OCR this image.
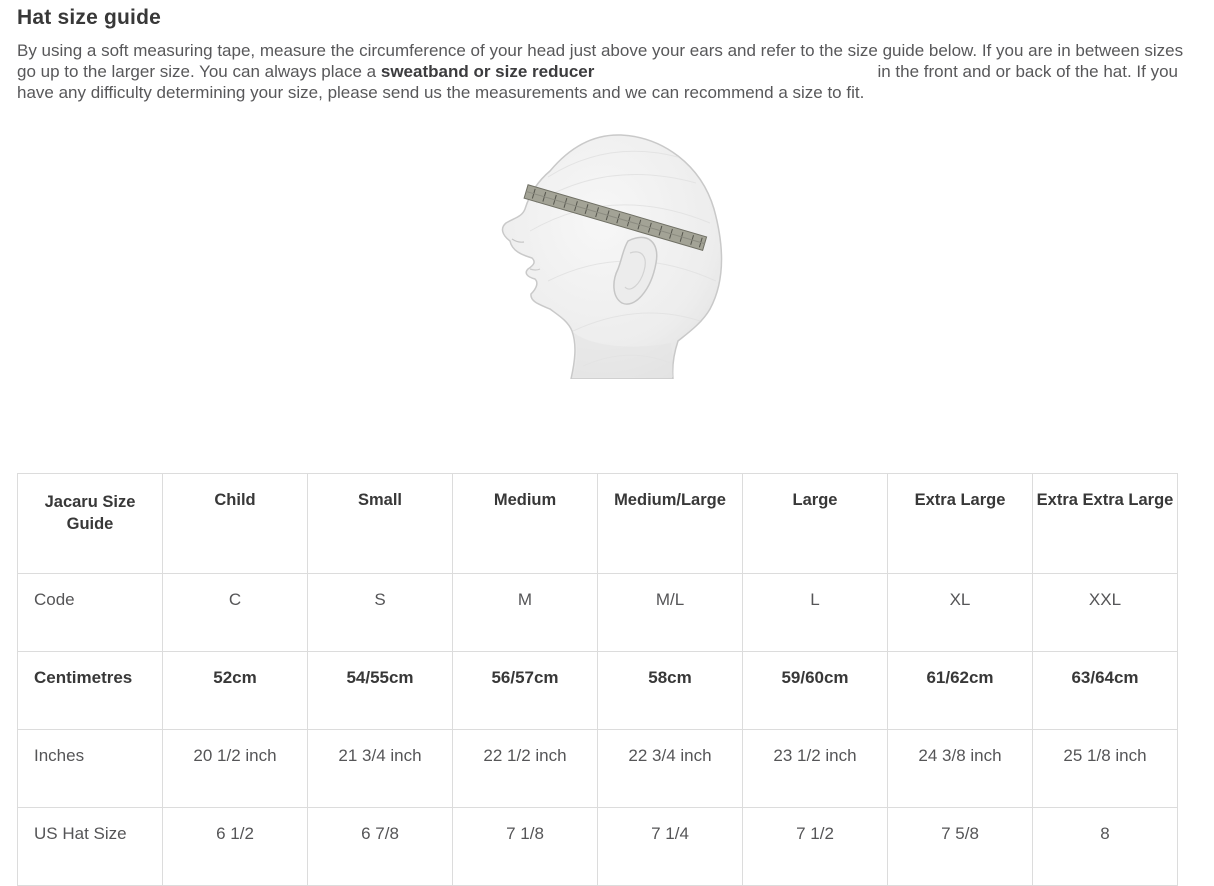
Hat size guide
By using a soft measuring tape, measure the circumference of your head just above your ears and refer to the size guide below. If you are in between sizes
go up to the larger size. You can always place a sweatband or size reducer	in the front and or back of the hat. If you
have any difficulty determining your size, please send us the measurements and we can recommend a size to fit.
Jacaru Size Guide	Child	Small	Medium	Medium/Large	Large	Extra Large	Extra Extra Large
Code	C	S	M	M/L	L	XL	XXL
Centimetres	52cm	54/55cm	56/57cm	58cm	59/60cm	61/62cm	63/64cm
Inches	20 1/2 inch	21 3/4 inch	22 1/2 inch	22 3/4 inch	23 1/2 inch	24 3/8 inch	25 1/8 inch
US Hat Size	6 1/2	6 7/8	7 1/8	7 1/4	7 1/2	7 5/8	8
